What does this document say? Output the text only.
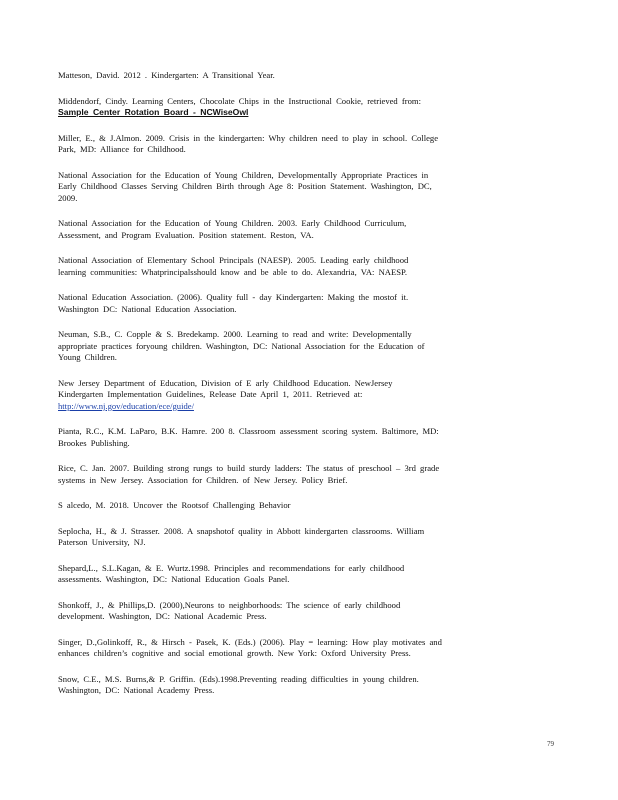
Matteson, David. 2012 . Kindergarten: A Transitional Year.
Middendorf, Cindy. Learning Centers, Chocolate Chips in the Instructional Cookie, retrieved from:
Sample Center Rotation Board - NCWiseOwl
Miller, E., & J.Almon. 2009. Crisis in the kindergarten: Why children need to play in school. College
Park, MD: Alliance for Childhood.
National Association for the Education of Young Children, Developmentally Appropriate Practices in
Early Childhood Classes Serving Children Birth through Age 8: Position Statement. Washington, DC,
2009.
National Association for the Education of Young Children. 2003. Early Childhood Curriculum,
Assessment, and Program Evaluation. Position statement. Reston, VA.
National Association of Elementary School Principals (NAESP). 2005. Leading early childhood
learning communities: Whatprincipalsshould know and be able to do. Alexandria, VA: NAESP.
National Education Association. (2006). Quality full - day Kindergarten: Making the mostof it.
Washington DC: National Education Association.
Neuman, S.B., C. Copple & S. Bredekamp. 2000. Learning to read and write: Developmentally
appropriate practices foryoung children. Washington, DC: National Association for the Education of
Young Children.
New Jersey Department of Education, Division of E arly Childhood Education. NewJersey
Kindergarten Implementation Guidelines, Release Date April 1, 2011. Retrieved at:
http://www.nj.gov/education/ece/guide/
Pianta, R.C., K.M. LaParo, B.K. Hamre. 200 8. Classroom assessment scoring system. Baltimore, MD:
Brookes Publishing.
Rice, C. Jan. 2007. Building strong rungs to build sturdy ladders: The status of preschool – 3rd grade
systems in New Jersey. Association for Children. of New Jersey. Policy Brief.
S alcedo, M. 2018. Uncover the Rootsof Challenging Behavior
Seplocha, H., & J. Strasser. 2008. A snapshotof quality in Abbott kindergarten classrooms. William
Paterson University, NJ.
Shepard,L., S.L.Kagan, & E. Wurtz.1998. Principles and recommendations for early childhood
assessments. Washington, DC: National Education Goals Panel.
Shonkoff, J., & Phillips,D. (2000),Neurons to neighborhoods: The science of early childhood
development. Washington, DC: National Academic Press.
Singer, D.,Golinkoff, R., & Hirsch - Pasek, K. (Eds.) (2006). Play = learning: How play motivates and
enhances children’s cognitive and social emotional growth. New York: Oxford University Press.
Snow, C.E., M.S. Burns,& P. Griffin. (Eds).1998.Preventing reading difficulties in young children.
Washington, DC: National Academy Press.
79
